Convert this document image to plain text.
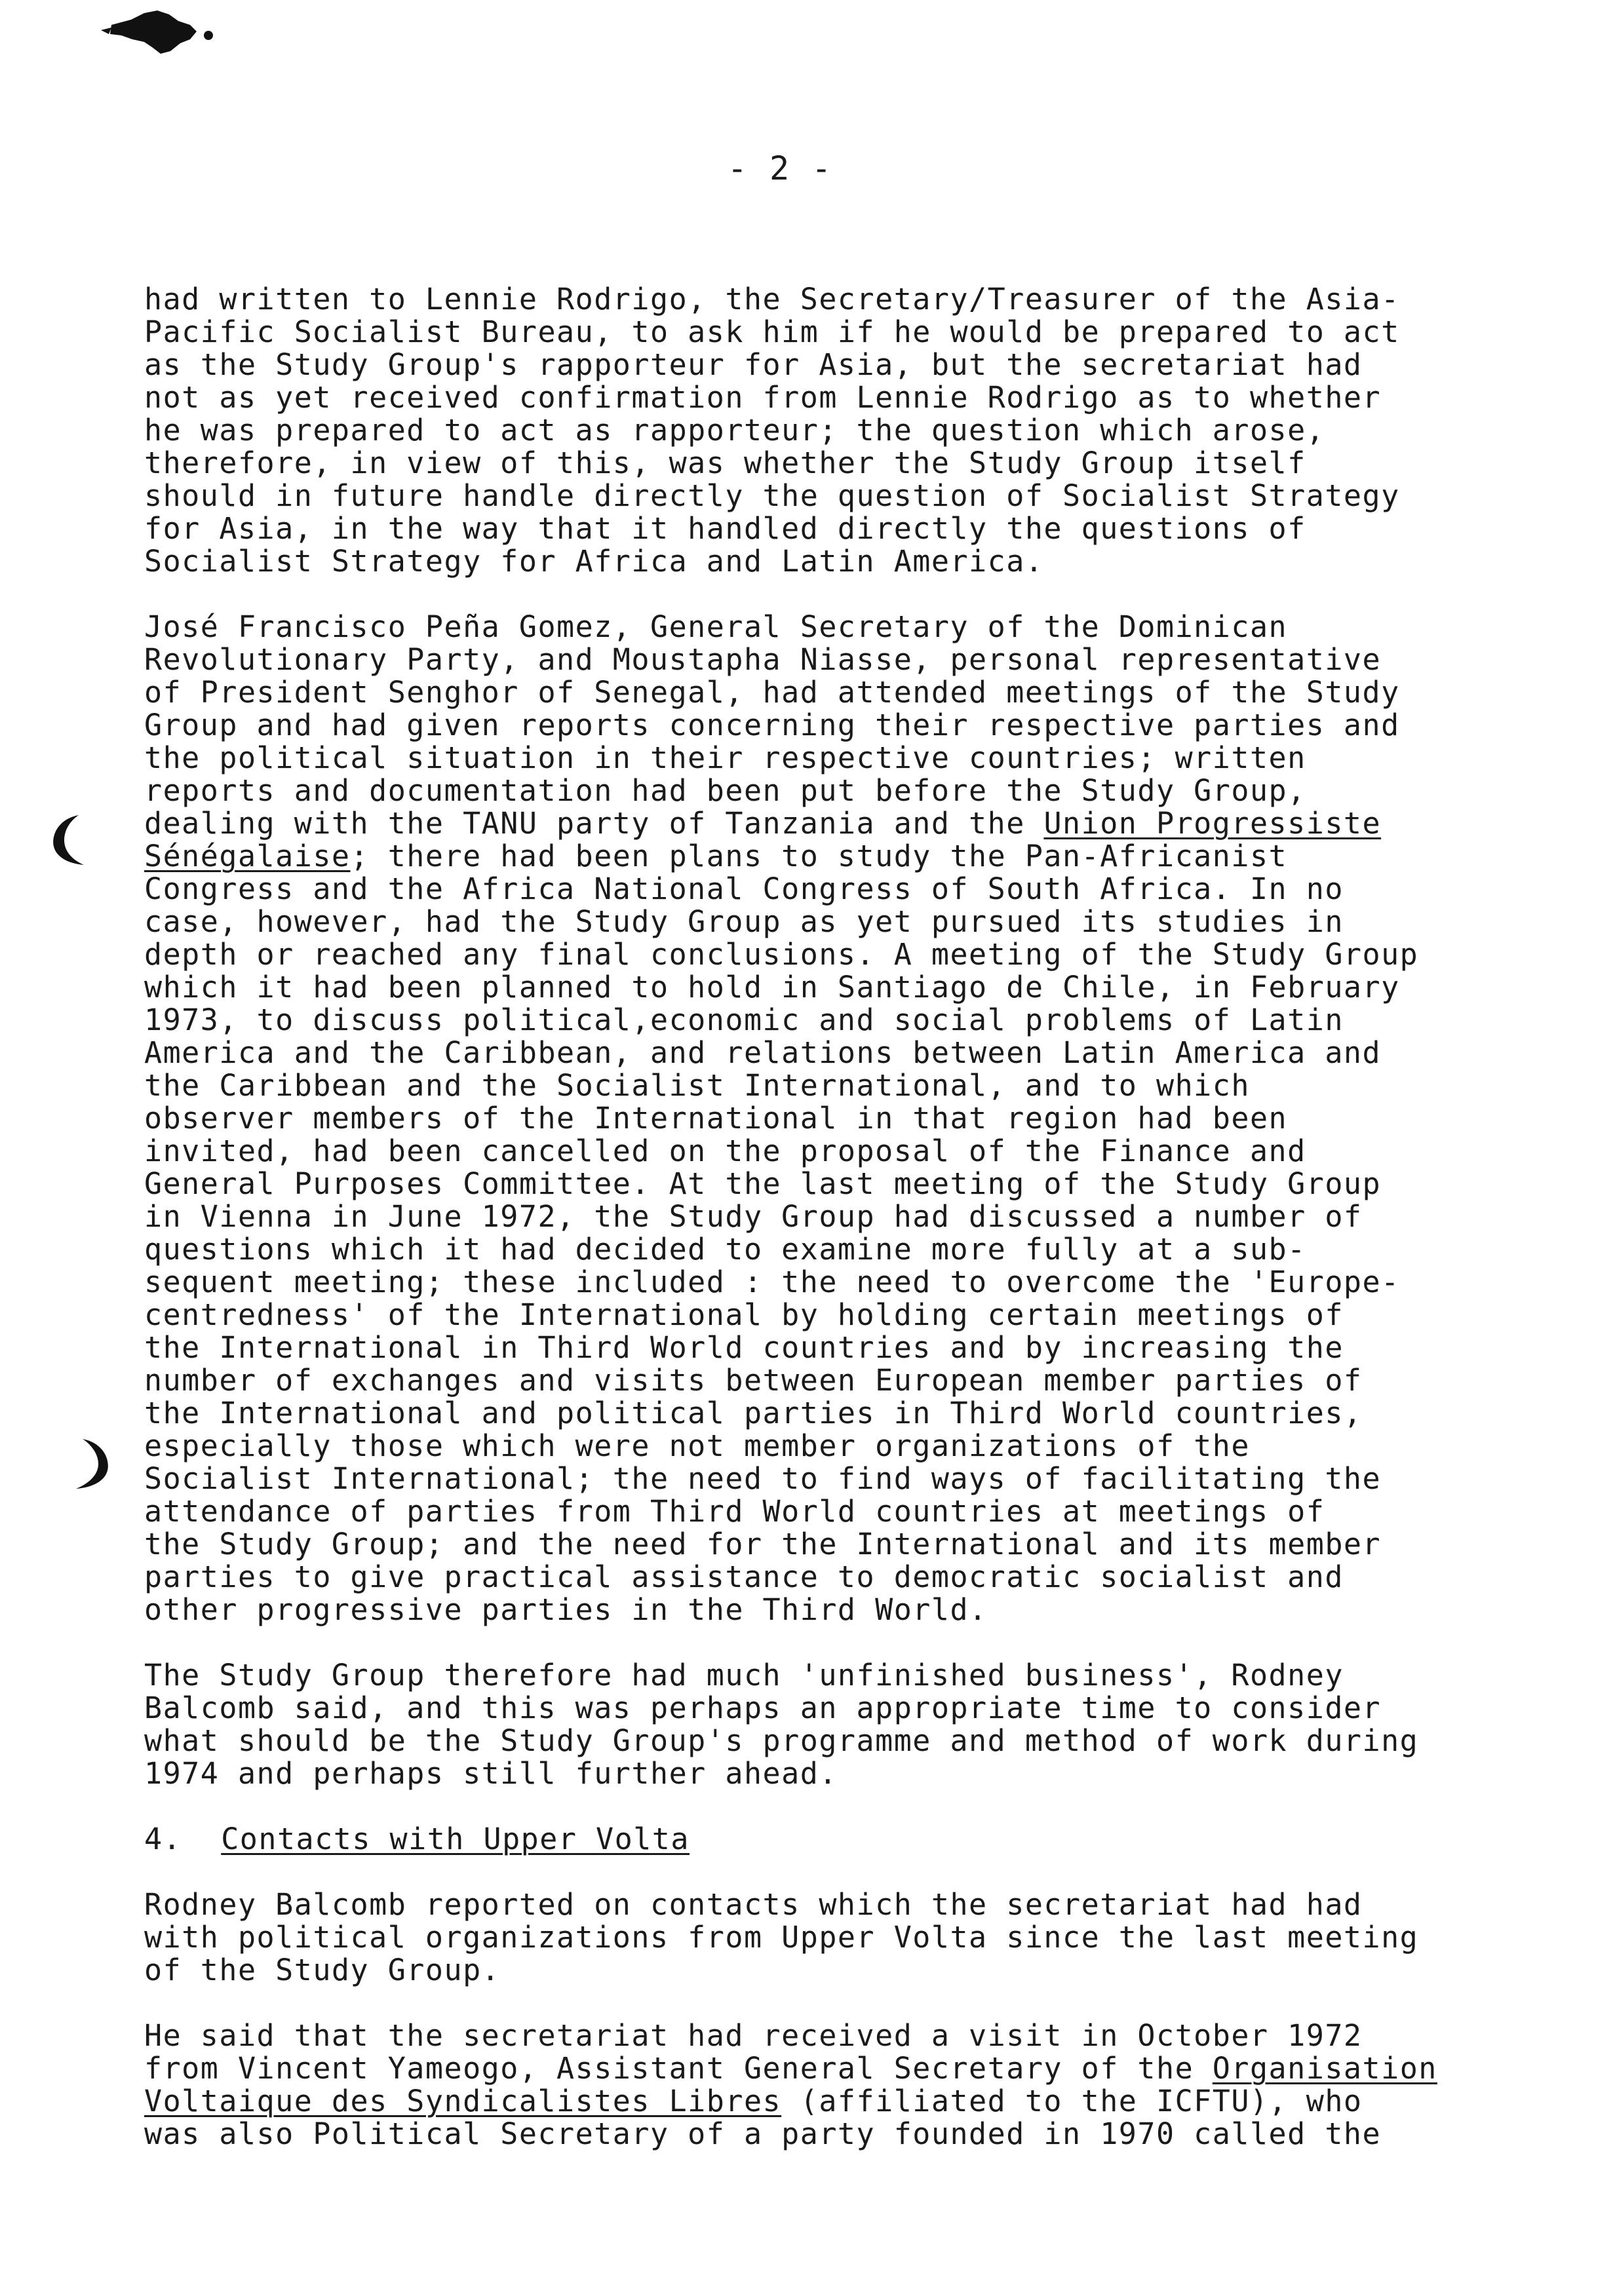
- 2 -
had written to Lennie Rodrigo, the Secretary/Treasurer of the Asia-
Pacific Socialist Bureau, to ask him if he would be prepared to act
as the Study Group's rapporteur for Asia, but the secretariat had
not as yet received confirmation from Lennie Rodrigo as to whether
he was prepared to act as rapporteur; the question which arose,
therefore, in view of this, was whether the Study Group itself
should in future handle directly the question of Socialist Strategy
for Asia, in the way that it handled directly the questions of
Socialist Strategy for Africa and Latin America.
José Francisco Peña Gomez, General Secretary of the Dominican
Revolutionary Party, and Moustapha Niasse, personal representative
of President Senghor of Senegal, had attended meetings of the Study
Group and had given reports concerning their respective parties and
the political situation in their respective countries; written
reports and documentation had been put before the Study Group,
dealing with the TANU party of Tanzania and the Union Progressiste
Sénégalaise; there had been plans to study the Pan-Africanist
Congress and the Africa National Congress of South Africa. In no
case, however, had the Study Group as yet pursued its studies in
depth or reached any final conclusions. A meeting of the Study Group
which it had been planned to hold in Santiago de Chile, in February
1973, to discuss political,economic and social problems of Latin
America and the Caribbean, and relations between Latin America and
the Caribbean and the Socialist International, and to which
observer members of the International in that region had been
invited, had been cancelled on the proposal of the Finance and
General Purposes Committee. At the last meeting of the Study Group
in Vienna in June 1972, the Study Group had discussed a number of
questions which it had decided to examine more fully at a sub-
sequent meeting; these included : the need to overcome the 'Europe-
centredness' of the International by holding certain meetings of
the International in Third World countries and by increasing the
number of exchanges and visits between European member parties of
the International and political parties in Third World countries,
especially those which were not member organizations of the
Socialist International; the need to find ways of facilitating the
attendance of parties from Third World countries at meetings of
the Study Group; and the need for the International and its member
parties to give practical assistance to democratic socialist and
other progressive parties in the Third World.
The Study Group therefore had much 'unfinished business', Rodney
Balcomb said, and this was perhaps an appropriate time to consider
what should be the Study Group's programme and method of work during
1974 and perhaps still further ahead.
4. Contacts with Upper Volta
Rodney Balcomb reported on contacts which the secretariat had had
with political organizations from Upper Volta since the last meeting
of the Study Group.
He said that the secretariat had received a visit in October 1972
from Vincent Yameogo, Assistant General Secretary of the Organisation
Voltaique des Syndicalistes Libres (affiliated to the ICFTU), who
was also Political Secretary of a party founded in 1970 called the
